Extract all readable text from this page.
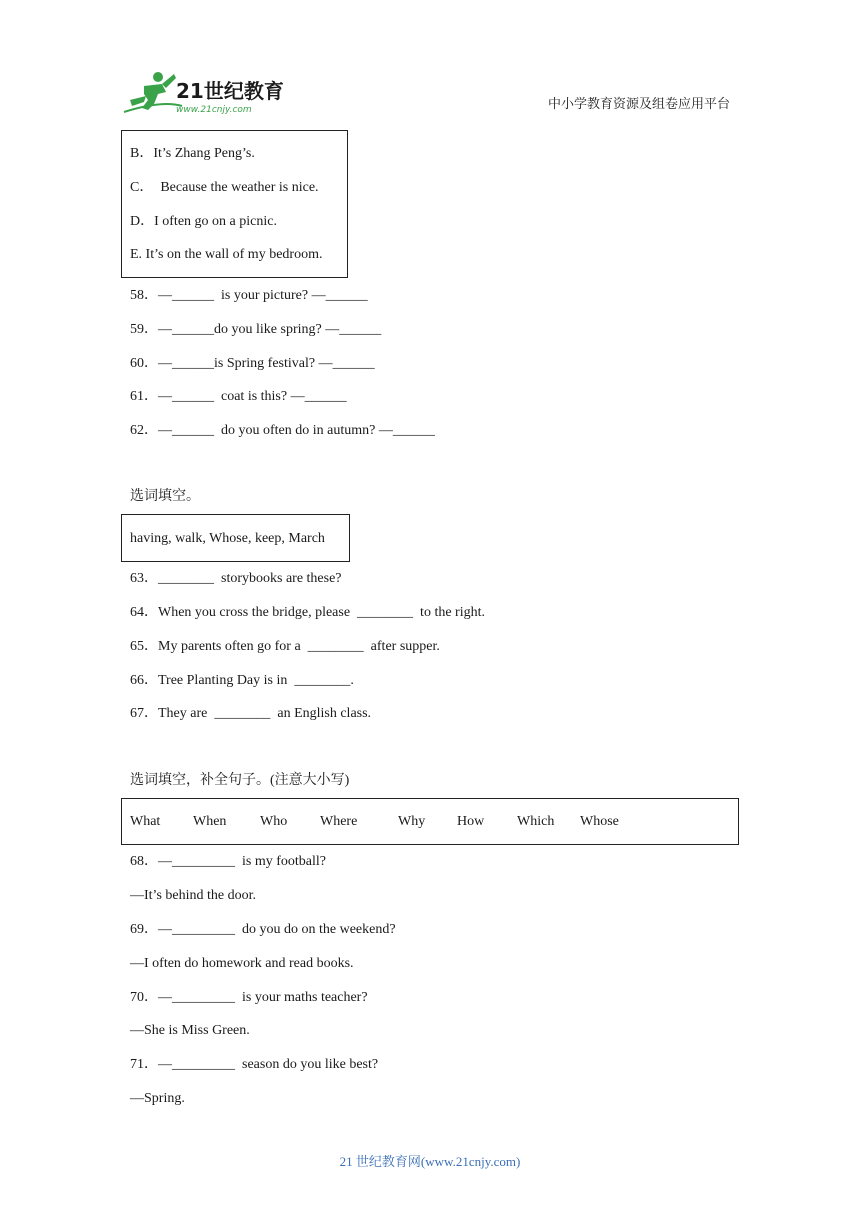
21世纪教育
www.21cnjy.com	中小学教育资源及组卷应用平台
B．It’s Zhang Peng’s.
C．  Because the weather is nice.
D．I often go on a picnic.
E. It’s on the wall of my bedroom.
58．—______  is your picture? —______
59．—______do you like spring? —______
60．—______is Spring festival? —______
61．—______  coat is this? —______
62．—______  do you often do in autumn? —______
选词填空。
having, walk, Whose, keep, March
63．________  storybooks are these?
64．When you cross the bridge, please  ________  to the right.
65．My parents often go for a  ________  after supper.
66．Tree Planting Day is in  ________.
67．They are  ________  an English class.
选词填空，补全句子。(注意大小写)
What When Who Where	Why How Which Whose
68．—_________  is my football?
—It’s behind the door.
69．—_________  do you do on the weekend?
—I often do homework and read books.
70．—_________  is your maths teacher?
—She is Miss Green.
71．—_________  season do you like best?
—Spring.
21 世纪教育网(www.21cnjy.com)
